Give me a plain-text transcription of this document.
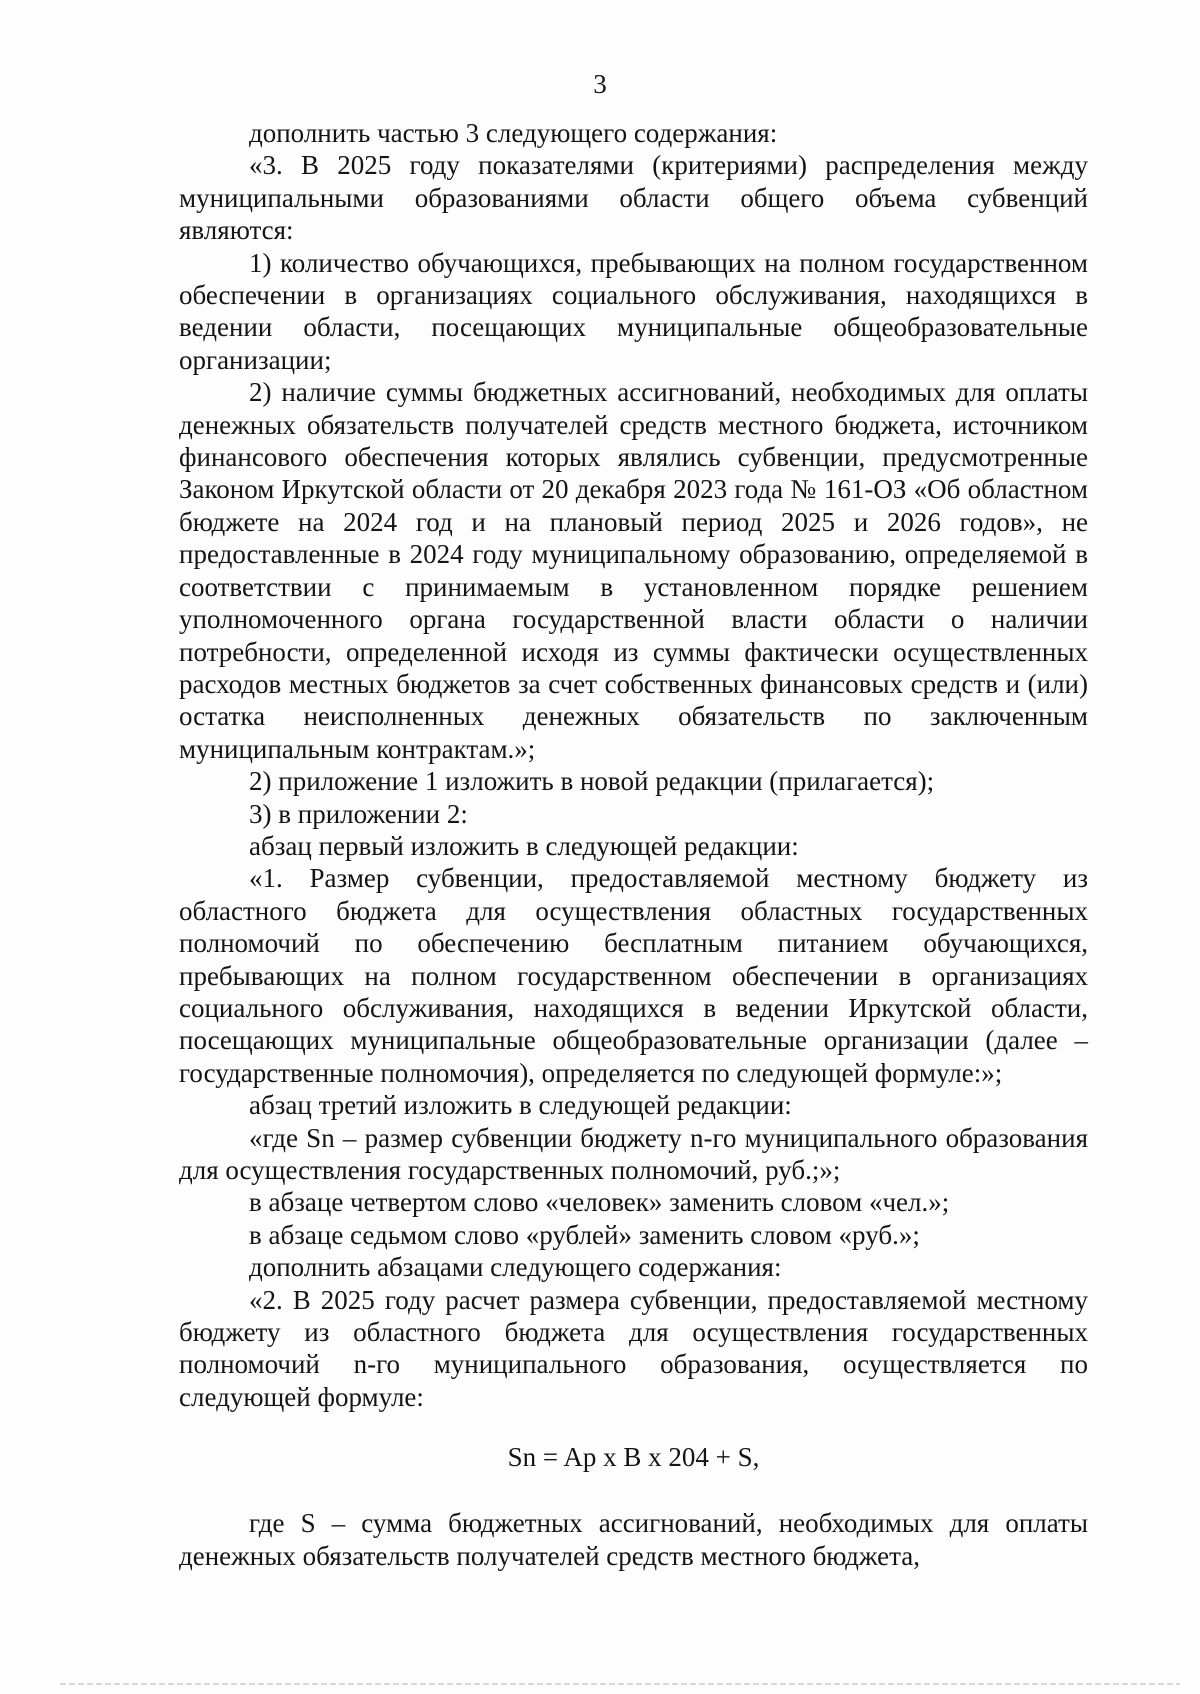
3

дополнить частью 3 следующего содержания:

«3. В 2025 году показателями (критериями) распределения между муниципальными образованиями области общего объема субвенций являются:

1) количество обучающихся, пребывающих на полном государственном обеспечении в организациях социального обслуживания, находящихся в ведении области, посещающих муниципальные общеобразовательные организации;

2) наличие суммы бюджетных ассигнований, необходимых для оплаты денежных обязательств получателей средств местного бюджета, источником финансового обеспечения которых являлись субвенции, предусмотренные Законом Иркутской области от 20 декабря 2023 года № 161-ОЗ «Об областном бюджете на 2024 год и на плановый период 2025 и 2026 годов», не предоставленные в 2024 году муниципальному образованию, определяемой в соответствии с принимаемым в установленном порядке решением уполномоченного органа государственной власти области о наличии потребности, определенной исходя из суммы фактически осуществленных расходов местных бюджетов за счет собственных финансовых средств и (или) остатка неисполненных денежных обязательств по заключенным муниципальным контрактам.»;

2) приложение 1 изложить в новой редакции (прилагается);

3) в приложении 2:

абзац первый изложить в следующей редакции:

«1. Размер субвенции, предоставляемой местному бюджету из областного бюджета для осуществления областных государственных полномочий по обеспечению бесплатным питанием обучающихся, пребывающих на полном государственном обеспечении в организациях социального обслуживания, находящихся в ведении Иркутской области, посещающих муниципальные общеобразовательные организации (далее – государственные полномочия), определяется по следующей формуле:»;

абзац третий изложить в следующей редакции:

«где Sn – размер субвенции бюджету n-го муниципального образования для осуществления государственных полномочий, руб.;»;

в абзаце четвертом слово «человек» заменить словом «чел.»;

в абзаце седьмом слово «рублей» заменить словом «руб.»;

дополнить абзацами следующего содержания:

«2. В 2025 году расчет размера субвенции, предоставляемой местному бюджету из областного бюджета для осуществления государственных полномочий n-го муниципального образования, осуществляется по следующей формуле:

Sn = Ap x B x 204 + S,

где S – сумма бюджетных ассигнований, необходимых для оплаты денежных обязательств получателей средств местного бюджета,
